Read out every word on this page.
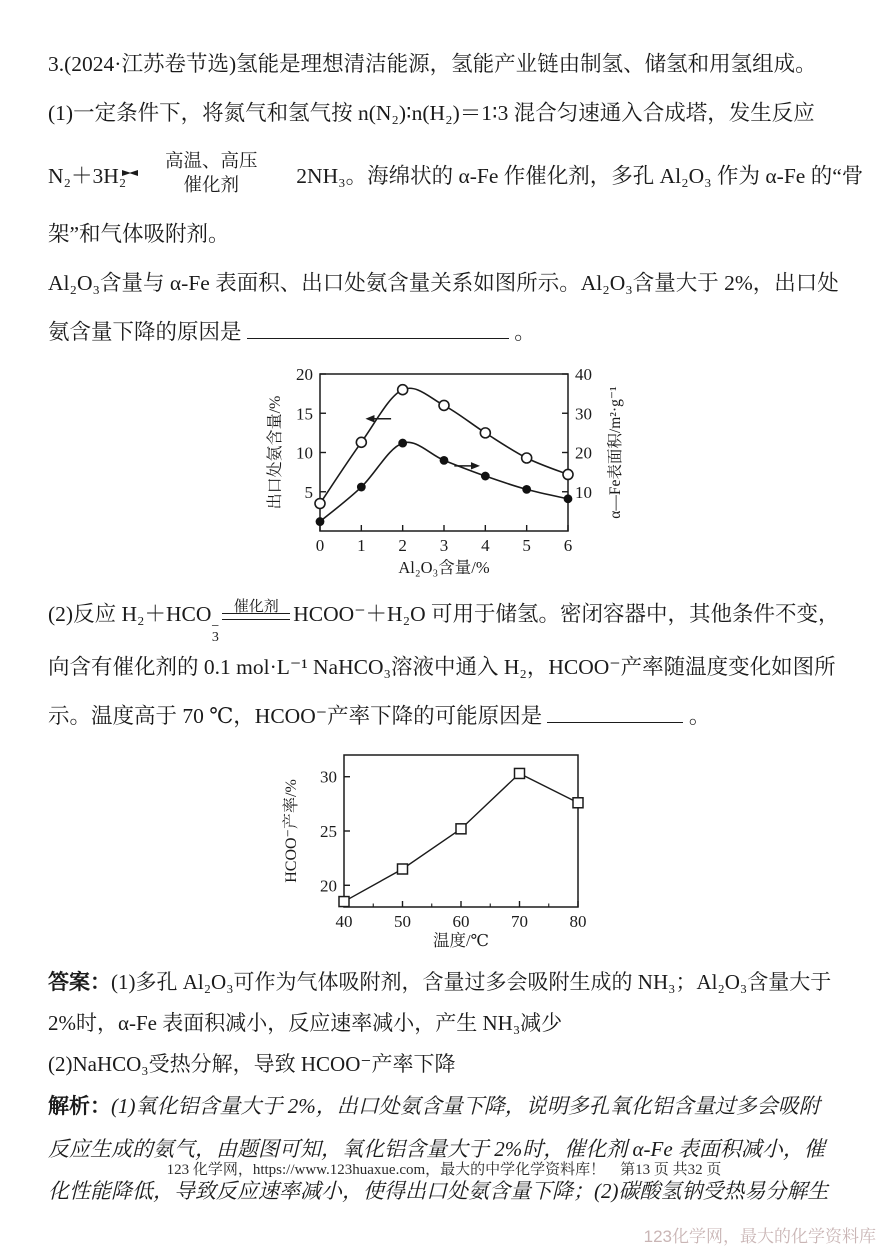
3.(2024·江苏卷节选)氢能是理想清洁能源，氢能产业链由制氢、储氢和用氢组成。

(1)一定条件下，将氮气和氢气按 n(N₂)∶n(H₂)＝1∶3 混合匀速通入合成塔，发生反应

N₂＋3H₂
高温、高压
催化剂	2NH₃。海绵状的 α-Fe 作催化剂，多孔 Al₂O₃ 作为 α-Fe 的“骨

架”和气体吸附剂。

Al₂O₃含量与 α-Fe 表面积、出口处氨含量关系如图所示。Al₂O₃含量大于 2%，出口处

氨含量下降的原因是	。

5
10
15
20
10
20
30
40
0 1 2 3 4 5 6
Al₂O₃含量/%
出口处氨含量/%	α—Fe表面积/m²·g⁻¹

(2)反应 H₂＋HCO
−
3
催化剂 HCOO⁻＋H₂O 可用于储氢。密闭容器中，其他条件不变，

向含有催化剂的 0.1 mol·L⁻¹ NaHCO₃溶液中通入 H₂，HCOO⁻产率随温度变化如图所

示。温度高于 70 ℃，HCOO⁻产率下降的可能原因是	。

20
25
30
40 50 60 70 80
温度/℃
HCOO⁻产率/%

答案：(1)多孔 Al₂O₃可作为气体吸附剂，含量过多会吸附生成的 NH₃；Al₂O₃含量大于

2%时，α-Fe 表面积减小，反应速率减小，产生 NH₃减少

(2)NaHCO₃受热分解，导致 HCOO⁻产率下降

解析：(1)氧化铝含量大于 2%，出口处氨含量下降，说明多孔氧化铝含量过多会吸附

反应生成的氨气，由题图可知，氧化铝含量大于 2%时，催化剂 α-Fe 表面积减小，催

化性能降低，导致反应速率减小，使得出口处氨含量下降；(2)碳酸氢钠受热易分解生

123 化学网，https://www.123huaxue.com，最大的中学化学资料库！　第13 页 共32 页
123化学网，最大的化学资料库
